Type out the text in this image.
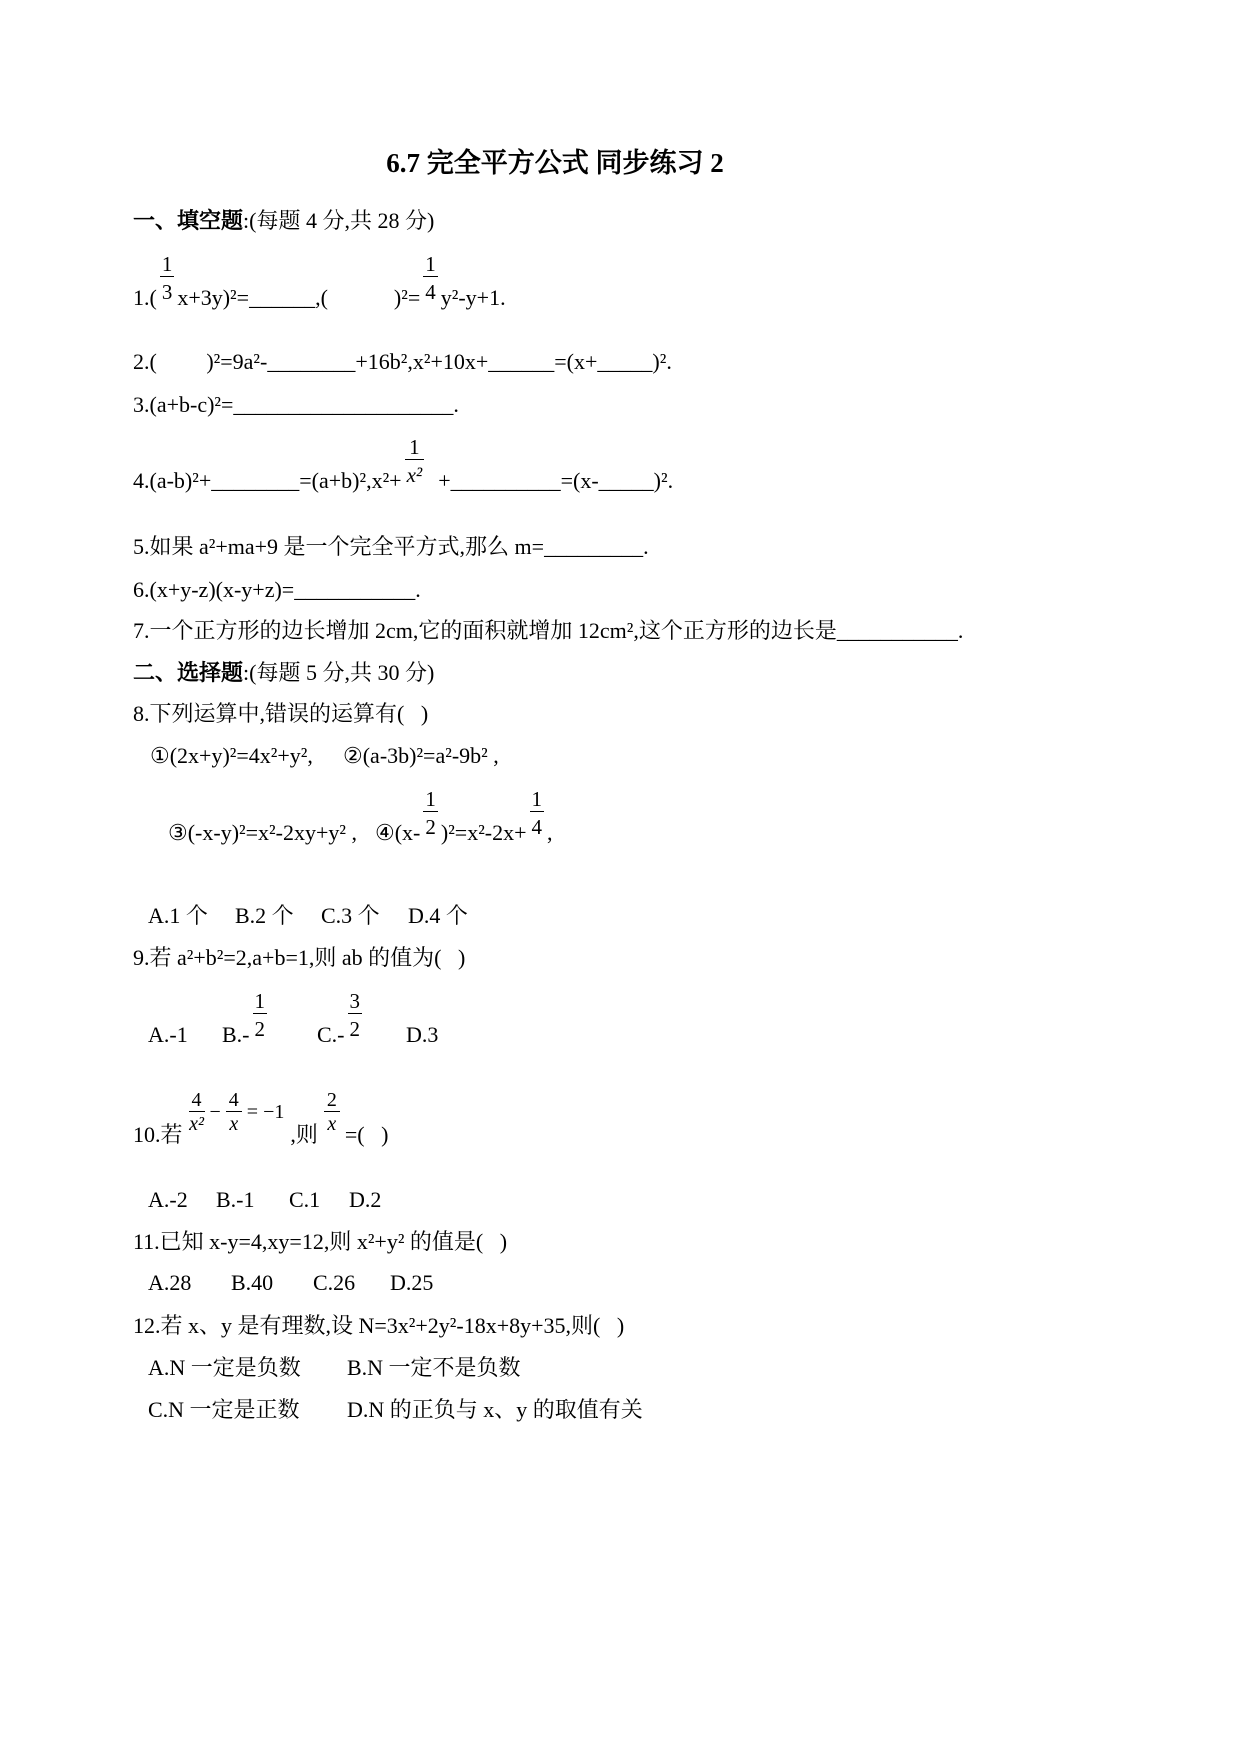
6.7 完全平方公式 同步练习 2
一、填空题:(每题 4 分,共 28 分)
$1.( \frac{1}{3}$ x+3y)²=______,(            )$^2= \frac{1}{4} y^2-y+1$.
2.(         )²=9a²-________+16b²,x²+10x+______=(x+_____)².
3.(a+b-c)²=____________________.
4.(a-b)²+________=(a+b)²,x²+ $\frac{1}{\text{x²}}$ +__________=(x-_____)².
5.如果 a²+ma+9 是一个完全平方式,那么 m=_________.
6.(x+y-z)(x-y+z)=___________.
7.一个正方形的边长增加 2cm,它的面积就增加 12cm²,这个正方形的边长是___________.
二、选择题:(每题 5 分,共 30 分)
8.下列运算中,错误的运算有(   )
①(2x+y)²=4x²+y², ②(a-3b)²=a²-9b² ,
③(-x-y)²=x²-2xy+y² , ④(x- $\frac{1}{2} )^2=x^2-2x+ \frac{1}{4}$ ,
A.1 个 B.2 个 C.3 个 D.4 个
9.若 a²+b²=2,a+b=1,则 ab 的值为(   )
A.-1 $B.- \frac{1}{2} C.- \frac{3}{2} D.3$
10.若 $\frac{4}{\text{x²}} - \frac{4}{x} = -1$
,则 $\frac{2}{x}$ =(   )
A.-2 B.-1 C.1 D.2
11.已知 x-y=4,xy=12,则 x²+y² 的值是(   )
A.28 B.40 C.26 D.25
12.若 x、y 是有理数,设 N=3x²+2y²-18x+8y+35,则(   )
A.N 一定是负数 B.N 一定不是负数
C.N 一定是正数 D.N 的正负与 x、y 的取值有关
